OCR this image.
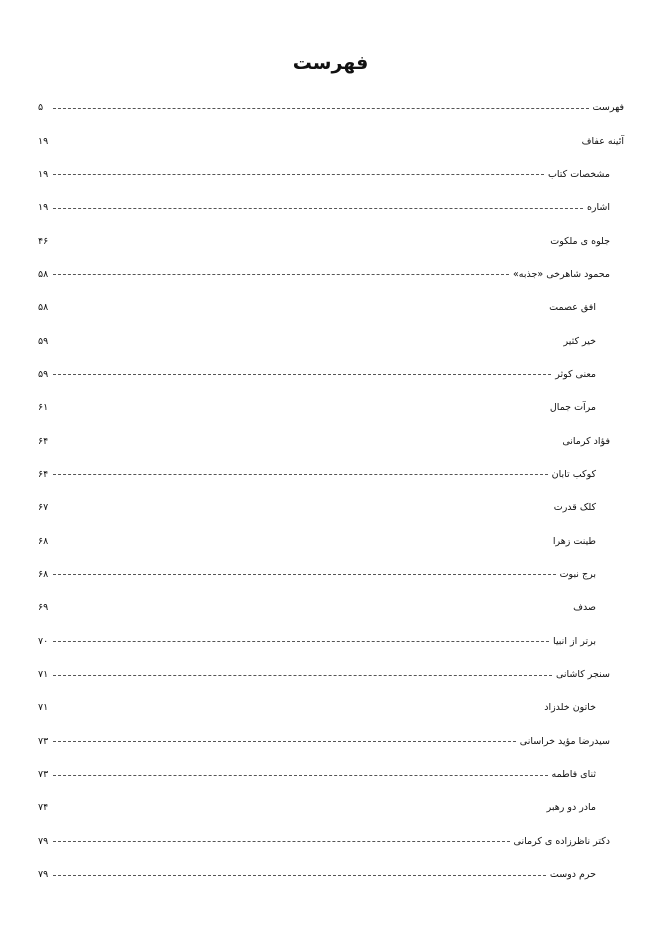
فهرست
۵	فهرست
۱۹	آئینه عفاف
۱۹	مشخصات کتاب
۱۹	اشاره
۴۶	جلوه ی ملکوت
۵۸	محمود شاهرخی «جذبه»
۵۸	افق عصمت
۵۹	خیر کثیر
۵۹	معنی کوثر
۶۱	مرآت جمال
۶۴	فؤاد کرمانی
۶۴	کوکب تابان
۶۷	کلک قدرت
۶۸	طینت زهرا
۶۸	برج نبوت
۶۹	صدف
۷۰	برتر از انبیا
۷۱	سنجر کاشانی
۷۱	خاتون خلدزاد
۷۳	سیدرضا مؤید خراسانی
۷۳	ثنای فاطمه
۷۴	مادر دو رهبر
۷۹	دکتر ناظرزاده ی کرمانی
۷۹	حرم دوست
